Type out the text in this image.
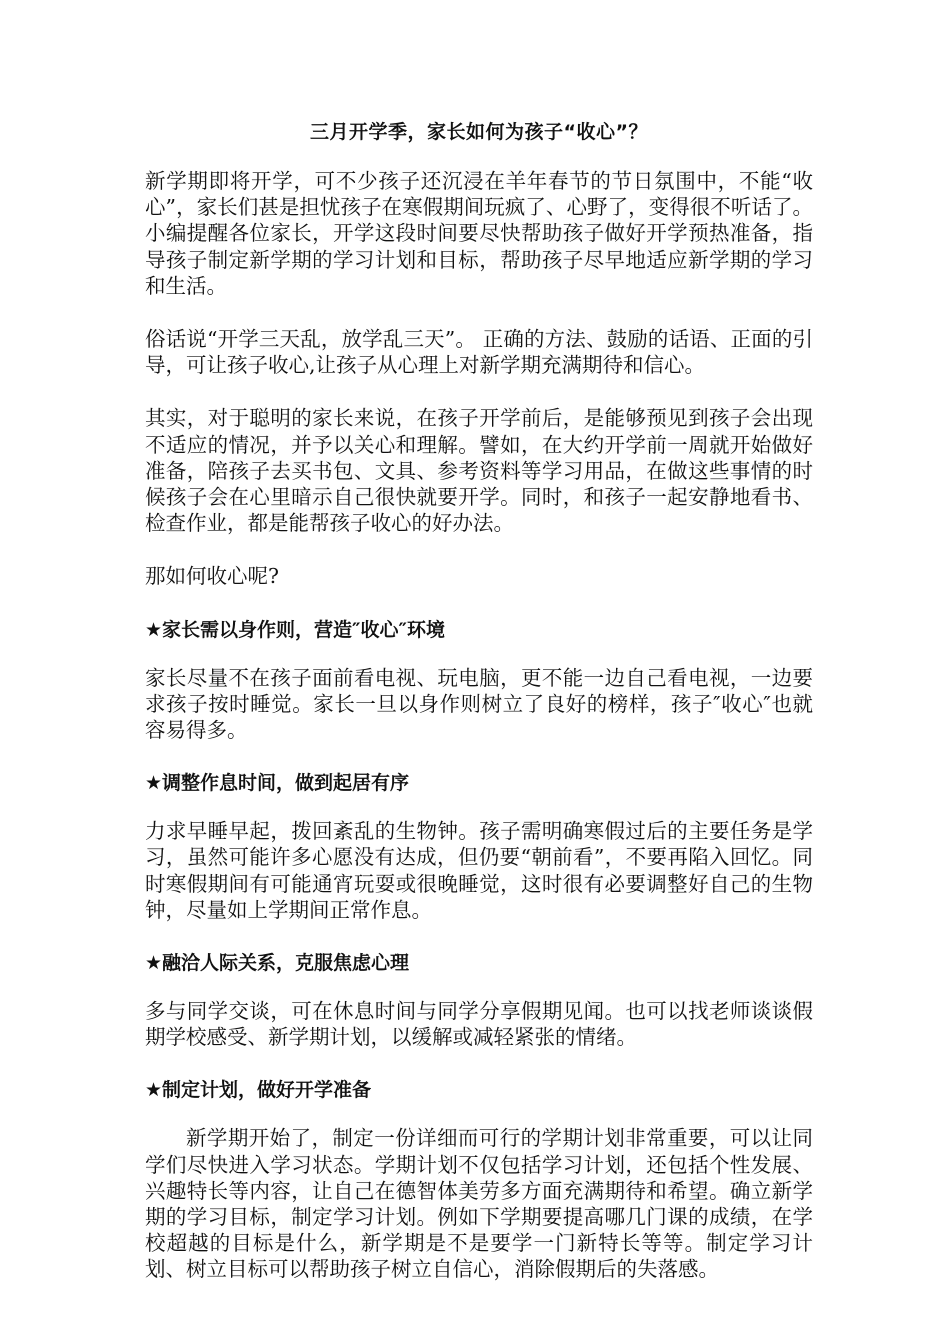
三月开学季，家长如何为孩子“收心”？

新学期即将开学，可不少孩子还沉浸在羊年春节的节日氛围中，不能“收心”，家长们甚是担忧孩子在寒假期间玩疯了、心野了，变得很不听话了。小编提醒各位家长，开学这段时间要尽快帮助孩子做好开学预热准备，指导孩子制定新学期的学习计划和目标，帮助孩子尽早地适应新学期的学习和生活。

俗话说“开学三天乱，放学乱三天”。 正确的方法、鼓励的话语、正面的引导，可让孩子收心,让孩子从心理上对新学期充满期待和信心。

其实，对于聪明的家长来说，在孩子开学前后，是能够预见到孩子会出现不适应的情况，并予以关心和理解。譬如，在大约开学前一周就开始做好准备，陪孩子去买书包、文具、参考资料等学习用品，在做这些事情的时候孩子会在心里暗示自己很快就要开学。同时，和孩子一起安静地看书、检查作业，都是能帮孩子收心的好办法。

那如何收心呢?

★家长需以身作则，营造″收心″环境

家长尽量不在孩子面前看电视、玩电脑，更不能一边自己看电视，一边要求孩子按时睡觉。家长一旦以身作则树立了良好的榜样，孩子″收心″也就容易得多。

★调整作息时间，做到起居有序

力求早睡早起，拨回紊乱的生物钟。孩子需明确寒假过后的主要任务是学习，虽然可能许多心愿没有达成，但仍要“朝前看”，不要再陷入回忆。同时寒假期间有可能通宵玩耍或很晚睡觉，这时很有必要调整好自己的生物钟，尽量如上学期间正常作息。

★融洽人际关系，克服焦虑心理

多与同学交谈，可在休息时间与同学分享假期见闻。也可以找老师谈谈假期学校感受、新学期计划，以缓解或减轻紧张的情绪。

★制定计划，做好开学准备

新学期开始了，制定一份详细而可行的学期计划非常重要，可以让同学们尽快进入学习状态。学期计划不仅包括学习计划，还包括个性发展、兴趣特长等内容，让自己在德智体美劳多方面充满期待和希望。确立新学期的学习目标，制定学习计划。例如下学期要提高哪几门课的成绩，在学校超越的目标是什么，新学期是不是要学一门新特长等等。制定学习计划、树立目标可以帮助孩子树立自信心，消除假期后的失落感。
